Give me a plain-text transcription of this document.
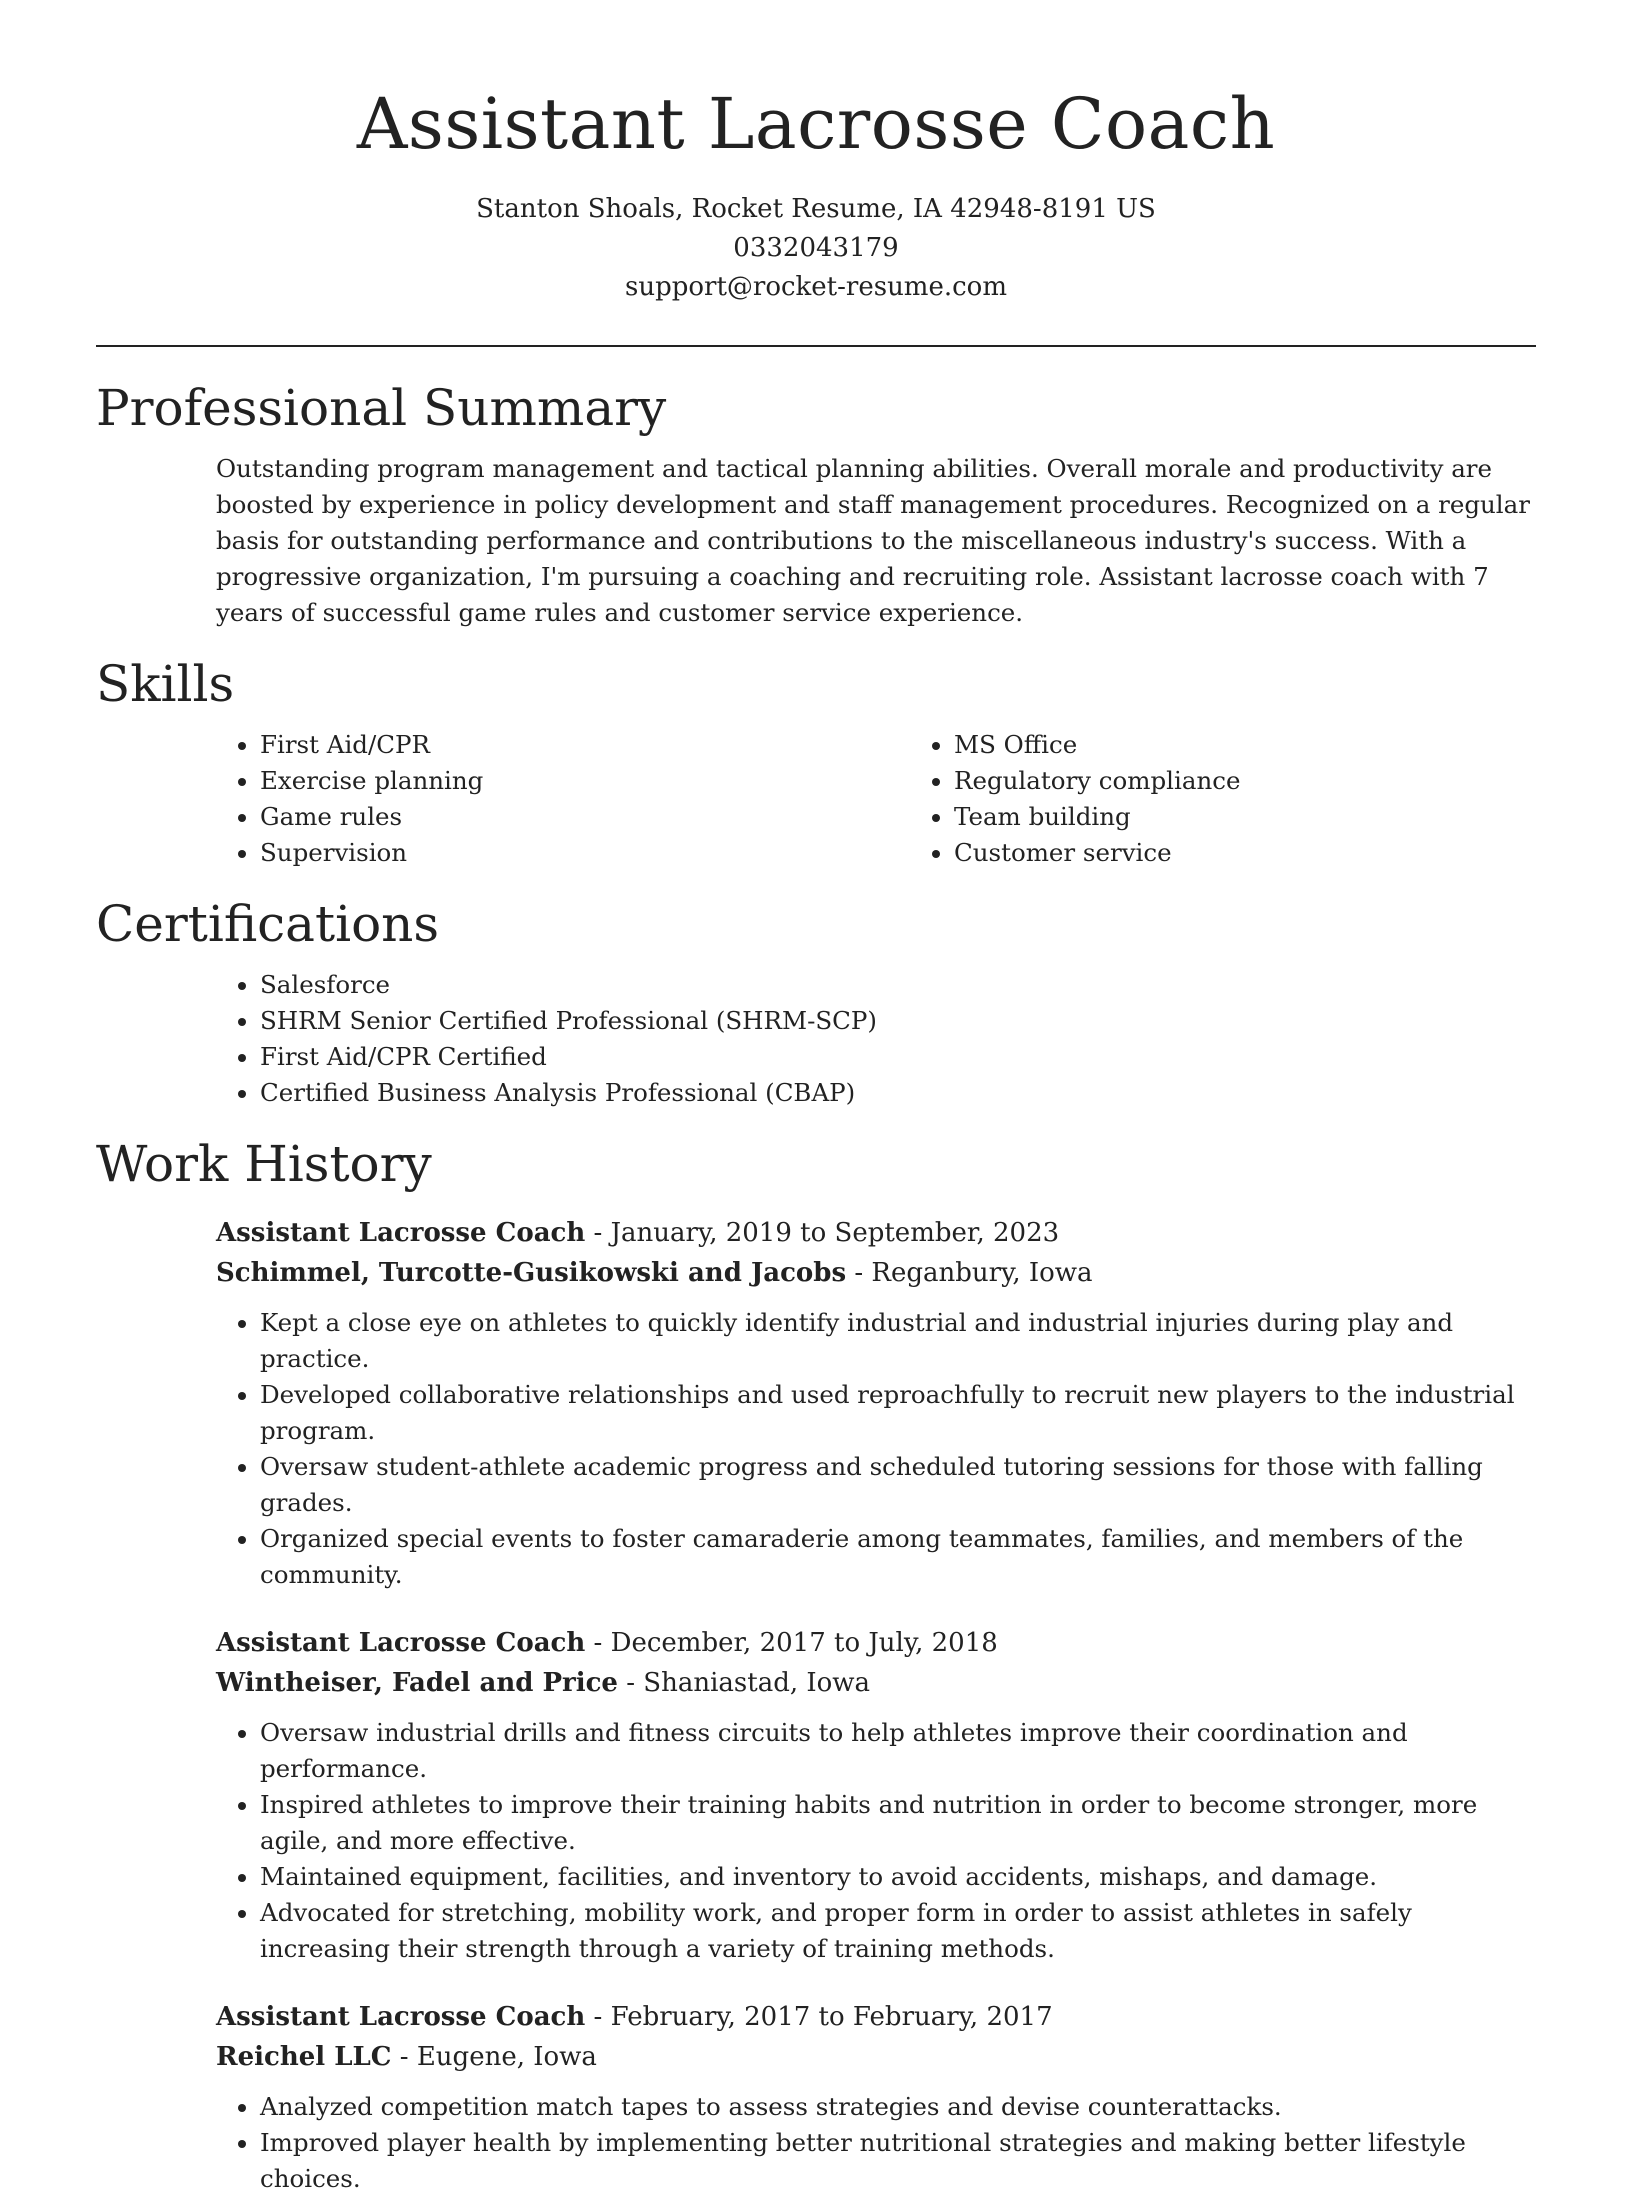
Assistant Lacrosse Coach
Stanton Shoals, Rocket Resume, IA 42948-8191 US
0332043179
support@rocket-resume.com
Professional Summary

Outstanding program management and tactical planning abilities. Overall morale and productivity are boosted by experience in policy development and staff management procedures. Recognized on a regular basis for outstanding performance and contributions to the miscellaneous industry's success. With a progressive organization, I'm pursuing a coaching and recruiting role. Assistant lacrosse coach with 7 years of successful game rules and customer service experience.

Skills
• First Aid/CPR
• Exercise planning
• Game rules
• Supervision
• MS Office
• Regulatory compliance
• Team building
• Customer service
Certifications
• Salesforce
• SHRM Senior Certified Professional (SHRM-SCP)
• First Aid/CPR Certified
• Certified Business Analysis Professional (CBAP)
Work History
Assistant Lacrosse Coach - January, 2019 to September, 2023
Schimmel, Turcotte-Gusikowski and Jacobs - Reganbury, Iowa
• Kept a close eye on athletes to quickly identify industrial and industrial injuries during play and practice.
• Developed collaborative relationships and used reproachfully to recruit new players to the industrial program.
• Oversaw student-athlete academic progress and scheduled tutoring sessions for those with falling grades.
• Organized special events to foster camaraderie among teammates, families, and members of the community.
Assistant Lacrosse Coach - December, 2017 to July, 2018
Wintheiser, Fadel and Price - Shaniastad, Iowa
• Oversaw industrial drills and fitness circuits to help athletes improve their coordination and performance.
• Inspired athletes to improve their training habits and nutrition in order to become stronger, more agile, and more effective.
• Maintained equipment, facilities, and inventory to avoid accidents, mishaps, and damage.
• Advocated for stretching, mobility work, and proper form in order to assist athletes in safely increasing their strength through a variety of training methods.
Assistant Lacrosse Coach - February, 2017 to February, 2017
Reichel LLC - Eugene, Iowa
• Analyzed competition match tapes to assess strategies and devise counterattacks.
• Improved player health by implementing better nutritional strategies and making better lifestyle choices.
